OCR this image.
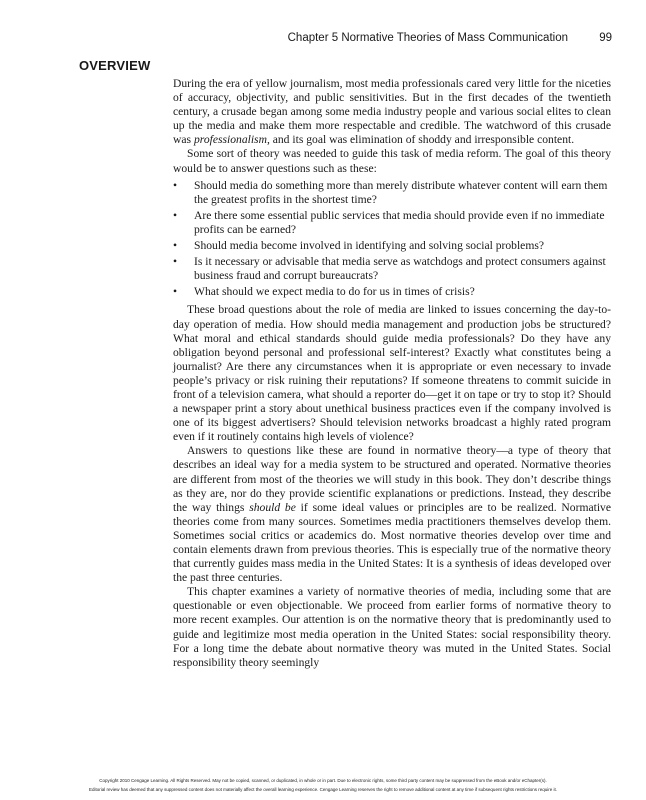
Chapter 5 Normative Theories of Mass Communication	99
OVERVIEW

During the era of yellow journalism, most media professionals cared very little for the niceties of accuracy, objectivity, and public sensitivities. But in the first decades of the twentieth century, a crusade began among some media industry people and various social elites to clean up the media and make them more respectable and credible. The watchword of this crusade was professionalism, and its goal was elimination of shoddy and irresponsible content.

Some sort of theory was needed to guide this task of media reform. The goal of this theory would be to answer questions such as these:

• Should media do something more than merely distribute whatever content will earn them the greatest profits in the shortest time?
• Are there some essential public services that media should provide even if no immediate profits can be earned?
• Should media become involved in identifying and solving social problems?
• Is it necessary or advisable that media serve as watchdogs and protect consumers against business fraud and corrupt bureaucrats?
• What should we expect media to do for us in times of crisis?

These broad questions about the role of media are linked to issues concerning the day-to-day operation of media. How should media management and production jobs be structured? What moral and ethical standards should guide media professionals? Do they have any obligation beyond personal and professional self-interest? Exactly what constitutes being a journalist? Are there any circumstances when it is appropriate or even necessary to invade people’s privacy or risk ruining their reputations? If someone threatens to commit suicide in front of a television camera, what should a reporter do—get it on tape or try to stop it? Should a newspaper print a story about unethical business practices even if the company involved is one of its biggest advertisers? Should television networks broadcast a highly rated program even if it routinely contains high levels of violence?

Answers to questions like these are found in normative theory—a type of theory that describes an ideal way for a media system to be structured and operated. Normative theories are different from most of the theories we will study in this book. They don’t describe things as they are, nor do they provide scientific explanations or predictions. Instead, they describe the way things should be if some ideal values or principles are to be realized. Normative theories come from many sources. Sometimes media practitioners themselves develop them. Sometimes social critics or academics do. Most normative theories develop over time and contain elements drawn from previous theories. This is especially true of the normative theory that currently guides mass media in the United States: It is a synthesis of ideas developed over the past three centuries.

This chapter examines a variety of normative theories of media, including some that are questionable or even objectionable. We proceed from earlier forms of normative theory to more recent examples. Our attention is on the normative theory that is predominantly used to guide and legitimize most media operation in the United States: social responsibility theory. For a long time the debate about normative theory was muted in the United States. Social responsibility theory seemingly

Copyright 2010 Cengage Learning. All Rights Reserved. May not be copied, scanned, or duplicated, in whole or in part. Due to electronic rights, some third party content may be suppressed from the eBook and/or eChapter(s).
Editorial review has deemed that any suppressed content does not materially affect the overall learning experience. Cengage Learning reserves the right to remove additional content at any time if subsequent rights restrictions require it.
